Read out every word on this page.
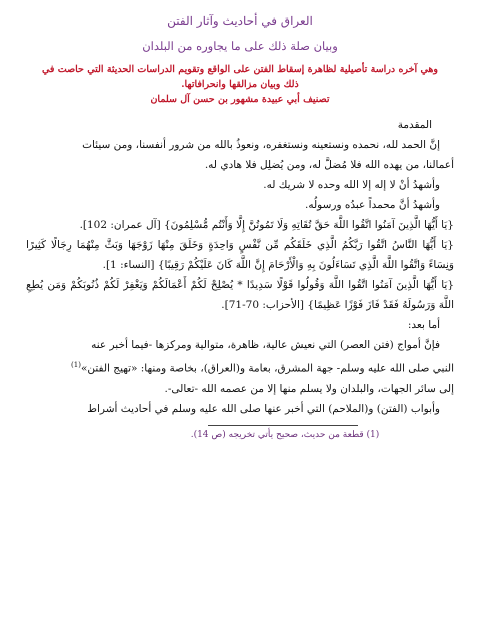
العراق في أحاديث وآثار الفتن
وبيان صلة ذلك على ما يجاوره من البلدان
وهي آخره دراسة تأصيلية لظاهرة إسقاط الفتن على الواقع وتقويم الدراسات الحديثة التي حاصت في
ذلك وبيان مزالقها وانحرافاتها.
تصنيف أبي عبيدة مشهور بن حسن آل سلمان
المقدمة

إنَّ الحمد لله، نحمده ونستعينه ونستغفره، ونعوذُ بالله من شرور أنفسنا، ومن سيئات

أعمالنا، من يهده الله فلا مُضلَّ له، ومن يُضلِل فلا هادي له.

وأشهدُ أنْ لا إله إلا الله وحده لا شريك له.

وأشهدُ أنَّ محمداً عبدُه ورسولُه.

{يَا أَيُّهَا الَّذِينَ آمَنُوا اتَّقُوا اللَّهَ حَقَّ تُقَاتِهِ وَلَا تَمُوتُنَّ إِلَّا وَأَنْتُم مُّسْلِمُونَ} [آل عمران: 102].

{يَا أَيُّهَا النَّاسُ اتَّقُوا رَبَّكُمُ الَّذِي خَلَقَكُم مِّن نَّفْسٍ وَاحِدَةٍ وَخَلَقَ مِنْهَا زَوْجَهَا وَبَثَّ مِنْهُمَا رِجَالًا كَثِيرًا وَنِسَاءً وَاتَّقُوا اللَّهَ الَّذِي تَسَاءَلُونَ بِهِ وَالْأَرْحَامَ إِنَّ اللَّهَ كَانَ عَلَيْكُمْ رَقِيبًا} [النساء: 1].

{يَا أَيُّهَا الَّذِينَ آمَنُوا اتَّقُوا اللَّهَ وَقُولُوا قَوْلًا سَدِيدًا * يُصْلِحْ لَكُمْ أَعْمَالَكُمْ وَيَغْفِرْ لَكُمْ ذُنُوبَكُمْ وَمَن يُطِعِ اللَّهَ وَرَسُولَهُ فَقَدْ فَازَ فَوْزًا عَظِيمًا} [الأحزاب: 70-71].

أما بعد:

فإنَّ أمواج (فتن العصر) التي نعيش عالية، ظاهرة، متوالية ومركزها -فيما أخبر عنه

النبي صلى الله عليه وسلم- جهة المشرق، بعامة و(العراق)، بخاصة ومنها: «تهيج الفتن»$^{(1)}$

إلى سائر الجهات، والبلدان ولا يسلم منها إلا من عصمه الله -تعالى-.

وأبواب (الفتن) و(الملاحم) التي أخبر عنها صلى الله عليه وسلم في أحاديث أشراط

(1) قطعة من حديث، صحيح يأتي تخريجه (ص 14).
